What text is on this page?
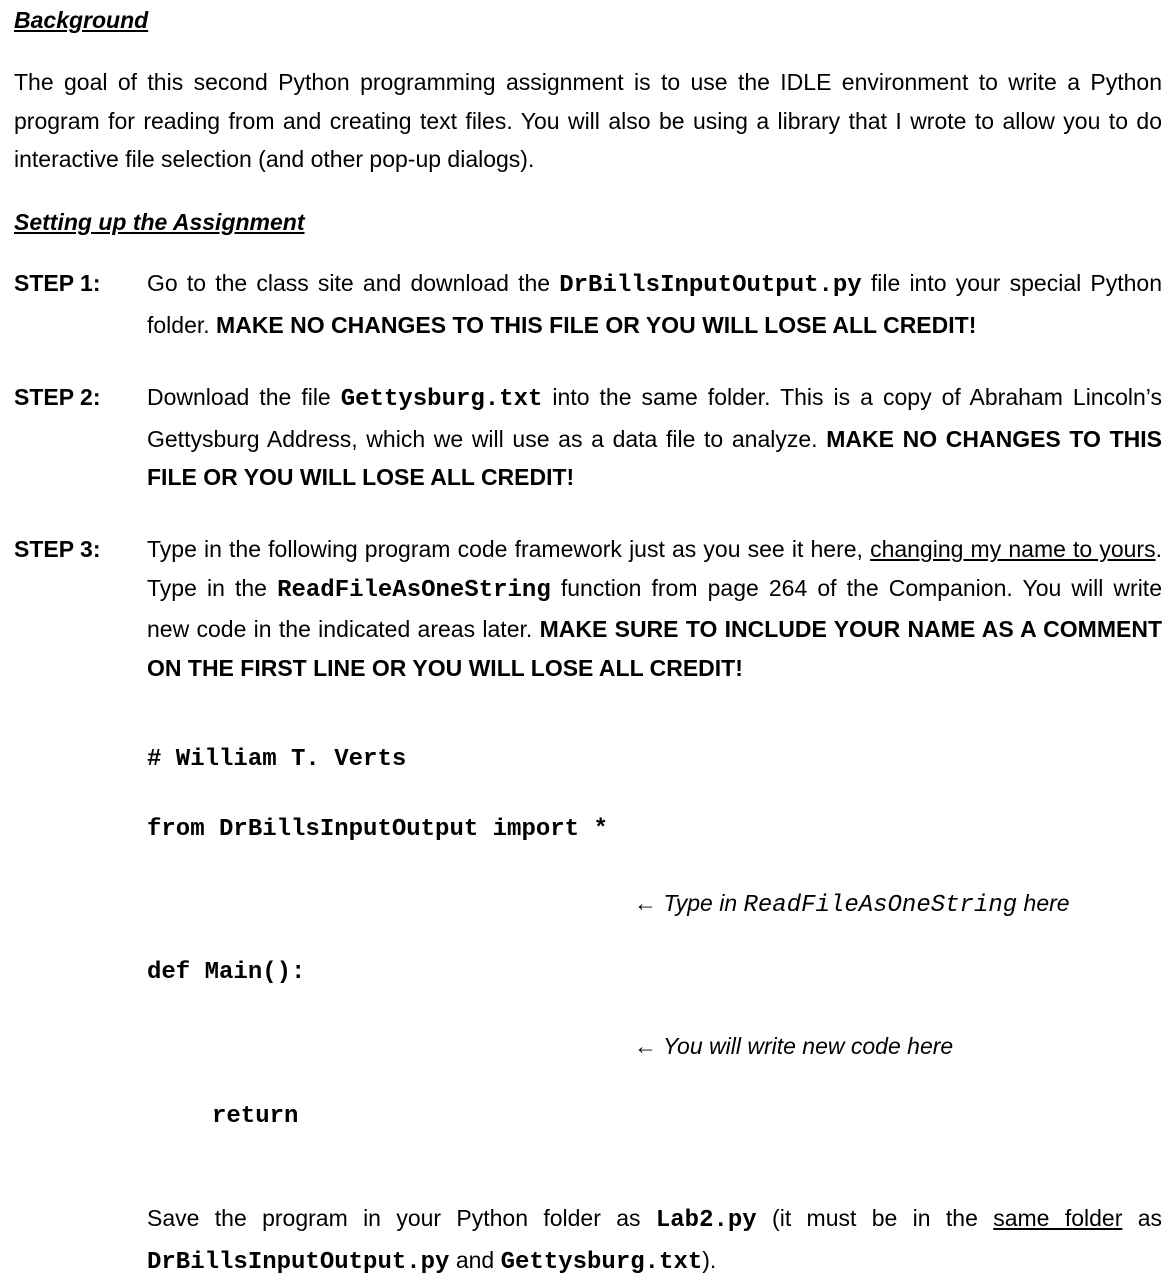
Background
The goal of this second Python programming assignment is to use the IDLE environment to write a Python program for reading from and creating text files. You will also be using a library that I wrote to allow you to do interactive file selection (and other pop-up dialogs).
Setting up the Assignment
STEP 1: Go to the class site and download the DrBillsInputOutput.py file into your special Python folder. MAKE NO CHANGES TO THIS FILE OR YOU WILL LOSE ALL CREDIT!
STEP 2: Download the file Gettysburg.txt into the same folder. This is a copy of Abraham Lincoln’s Gettysburg Address, which we will use as a data file to analyze. MAKE NO CHANGES TO THIS FILE OR YOU WILL LOSE ALL CREDIT!
STEP 3: Type in the following program code framework just as you see it here, changing my name to yours. Type in the ReadFileAsOneString function from page 264 of the Companion. You will write new code in the indicated areas later. MAKE SURE TO INCLUDE YOUR NAME AS A COMMENT ON THE FIRST LINE OR YOU WILL LOSE ALL CREDIT!
# William T. Verts
from DrBillsInputOutput import *
← Type in ReadFileAsOneString here
def Main():
← You will write new code here
return
Save the program in your Python folder as Lab2.py (it must be in the same folder as DrBillsInputOutput.py and Gettysburg.txt).
